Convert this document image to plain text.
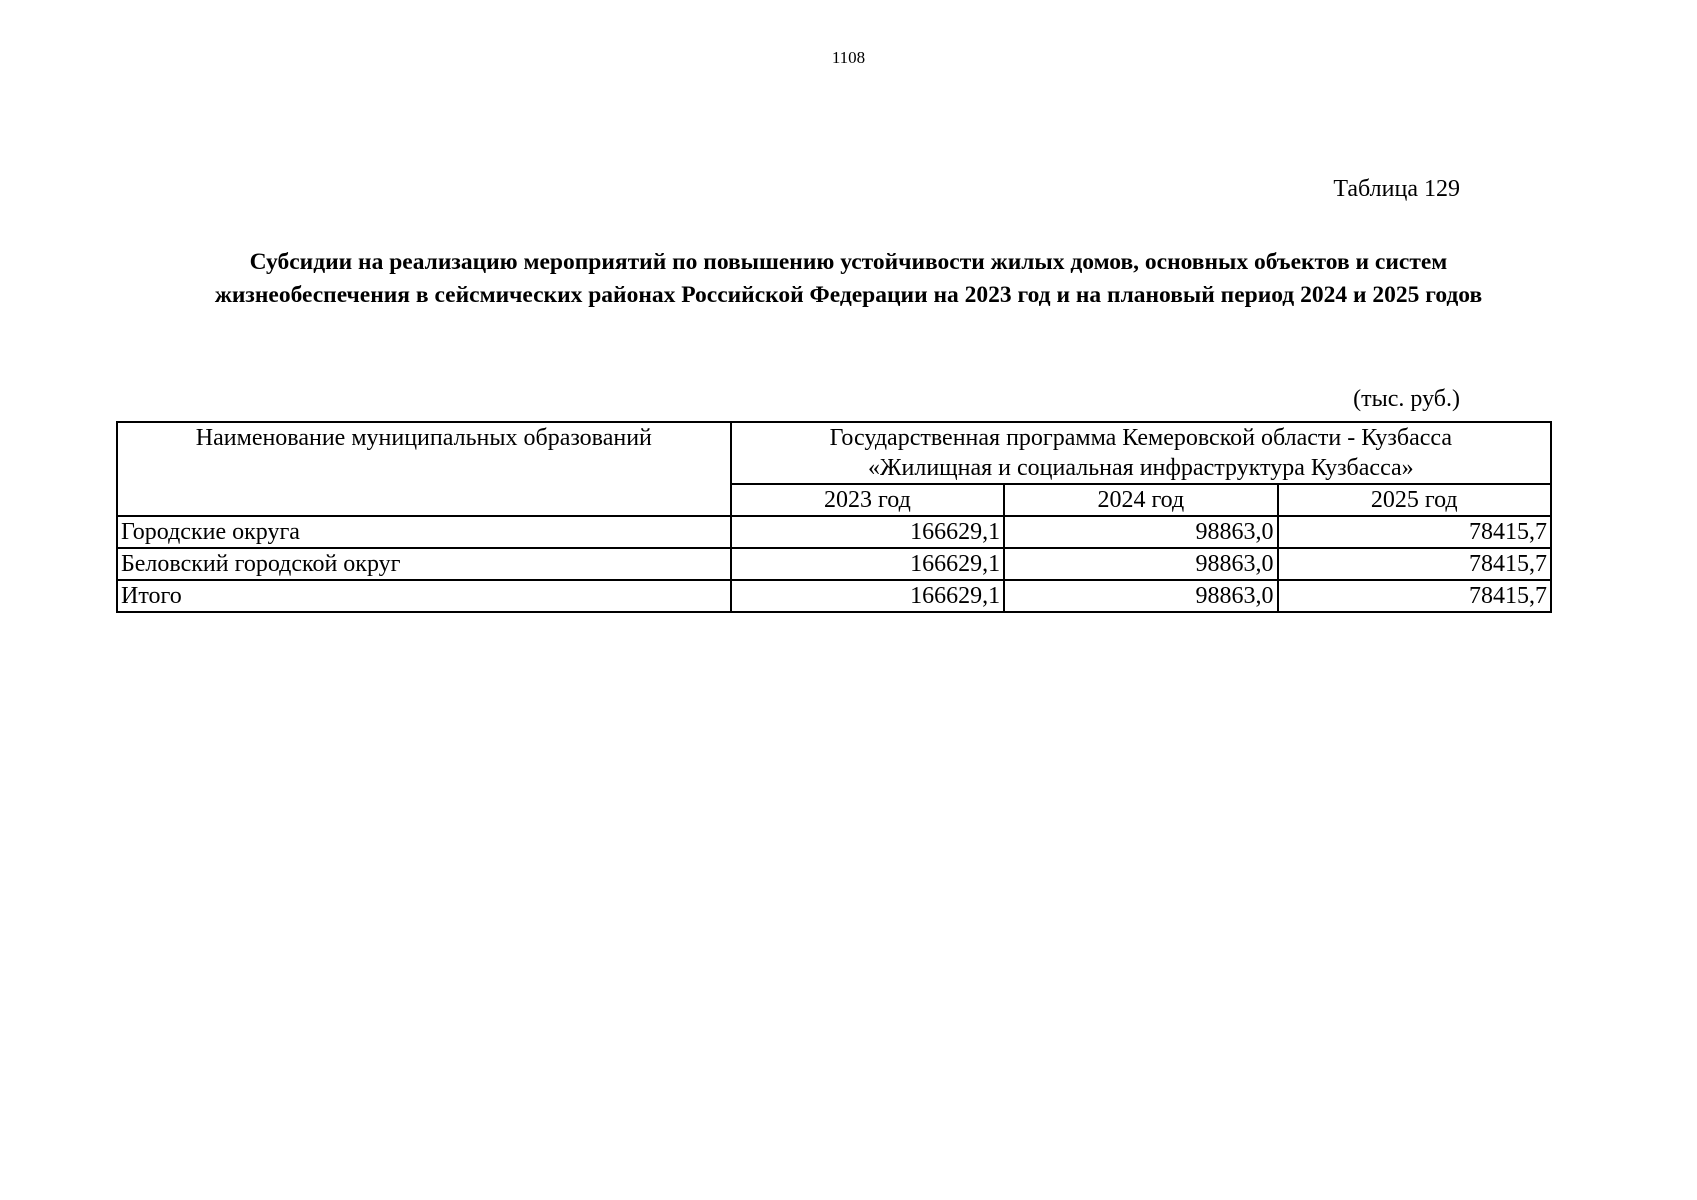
1108
Таблица 129
Субсидии на реализацию мероприятий по повышению устойчивости жилых домов, основных объектов и систем
жизнеобеспечения в сейсмических районах Российской Федерации на 2023 год и на плановый период 2024 и 2025 годов
(тыс. руб.)
Наименование муниципальных образований	Государственная программа Кемеровской области - Кузбасса
«Жилищная и социальная инфраструктура Кузбасса»		

	2023 год	2024 год	2025 год
Городские округа	166629,1	98863,0	78415,7
Беловский городской округ	166629,1	98863,0	78415,7
Итого	166629,1	98863,0	78415,7
